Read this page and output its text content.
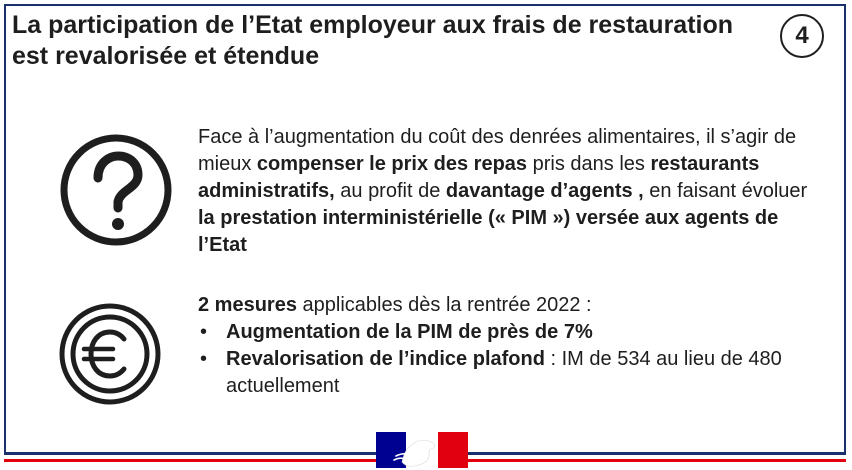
La participation de l’Etat employeur aux frais de restauration est revalorisée et étendue
4

Face à l’augmentation du coût des denrées alimentaires, il s’agir de mieux compenser le prix des repas pris dans les restaurants administratifs, au profit de davantage d’agents , en faisant évoluer la prestation interministérielle (« PIM ») versée aux agents de l’Etat

2 mesures applicables dès la rentrée 2022 :
• Augmentation de la PIM de près de 7%
• Revalorisation de l’indice plafond : IM de 534 au lieu de 480 actuellement
